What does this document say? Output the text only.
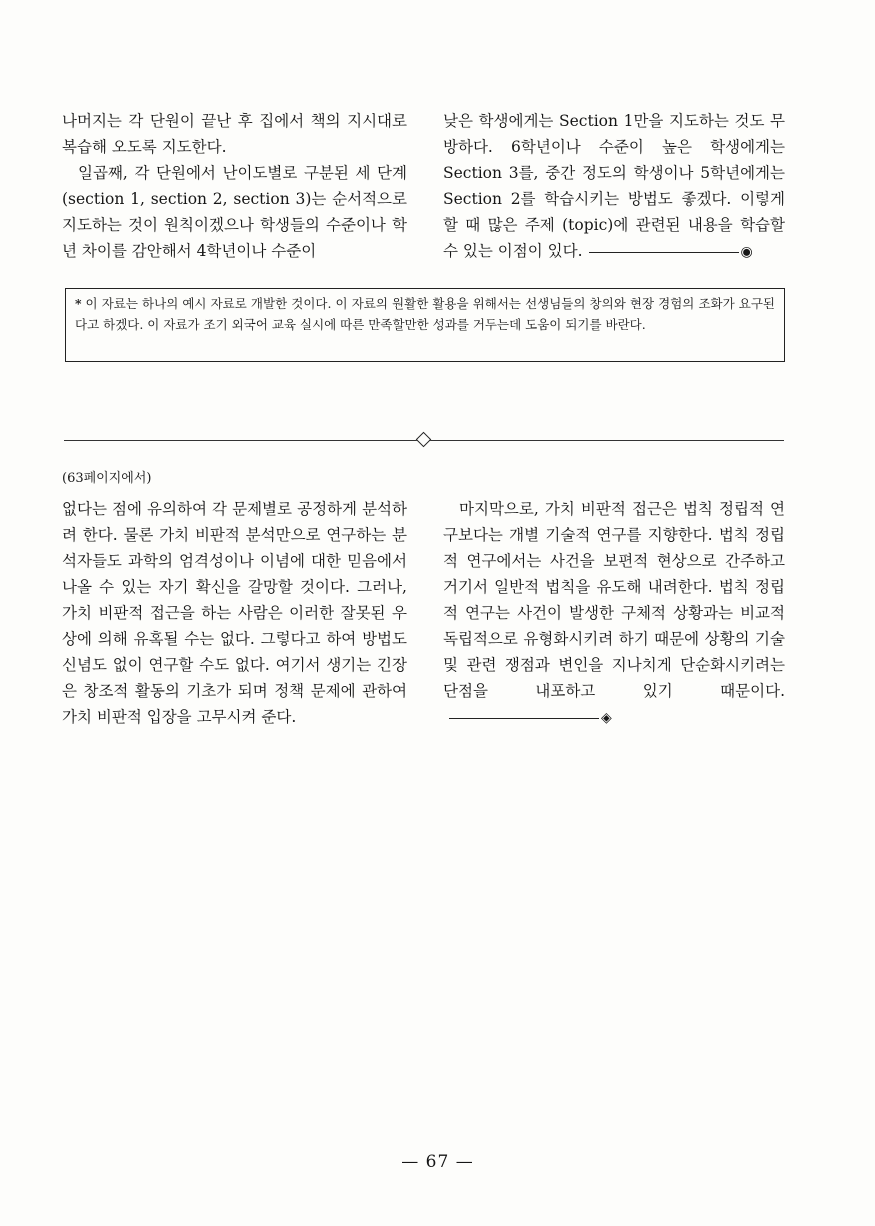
나머지는 각 단원이 끝난 후 집에서 책의 지시대로 복습해 오도록 지도한다.

일곱째, 각 단원에서 난이도별로 구분된 세 단계 (section 1, section 2, section 3)는 순서적으로 지도하는 것이 원칙이겠으나 학생들의 수준이나 학년 차이를 감안해서 4학년이나 수준이

낮은 학생에게는 Section 1만을 지도하는 것도 무방하다. 6학년이나 수준이 높은 학생에게는 Section 3를, 중간 정도의 학생이나 5학년에게는 Section 2를 학습시키는 방법도 좋겠다. 이렇게 할 때 많은 주제 (topic)에 관련된 내용을 학습할 수 있는 이점이 있다.	◉

* 이 자료는 하나의 예시 자료로 개발한 것이다. 이 자료의 원활한 활용을 위해서는 선생님들의 창의와 현장 경험의 조화가 요구된다고 하겠다. 이 자료가 조기 외국어 교육 실시에 따른 만족할만한 성과를 거두는데 도움이 되기를 바란다.
(63페이지에서)

없다는 점에 유의하여 각 문제별로 공정하게 분석하려 한다. 물론 가치 비판적 분석만으로 연구하는 분석자들도 과학의 엄격성이나 이념에 대한 믿음에서 나올 수 있는 자기 확신을 갈망할 것이다. 그러나, 가치 비판적 접근을 하는 사람은 이러한 잘못된 우상에 의해 유혹될 수는 없다. 그렇다고 하여 방법도 신념도 없이 연구할 수도 없다. 여기서 생기는 긴장은 창조적 활동의 기초가 되며 정책 문제에 관하여 가치 비판적 입장을 고무시켜 준다.

마지막으로, 가치 비판적 접근은 법칙 정립적 연구보다는 개별 기술적 연구를 지향한다. 법칙 정립적 연구에서는 사건을 보편적 현상으로 간주하고 거기서 일반적 법칙을 유도해 내려한다. 법칙 정립적 연구는 사건이 발생한 구체적 상황과는 비교적 독립적으로 유형화시키려 하기 때문에 상황의 기술 및 관련 쟁점과 변인을 지나치게 단순화시키려는 단점을 내포하고 있기 때문이다.◈

— 67 —
